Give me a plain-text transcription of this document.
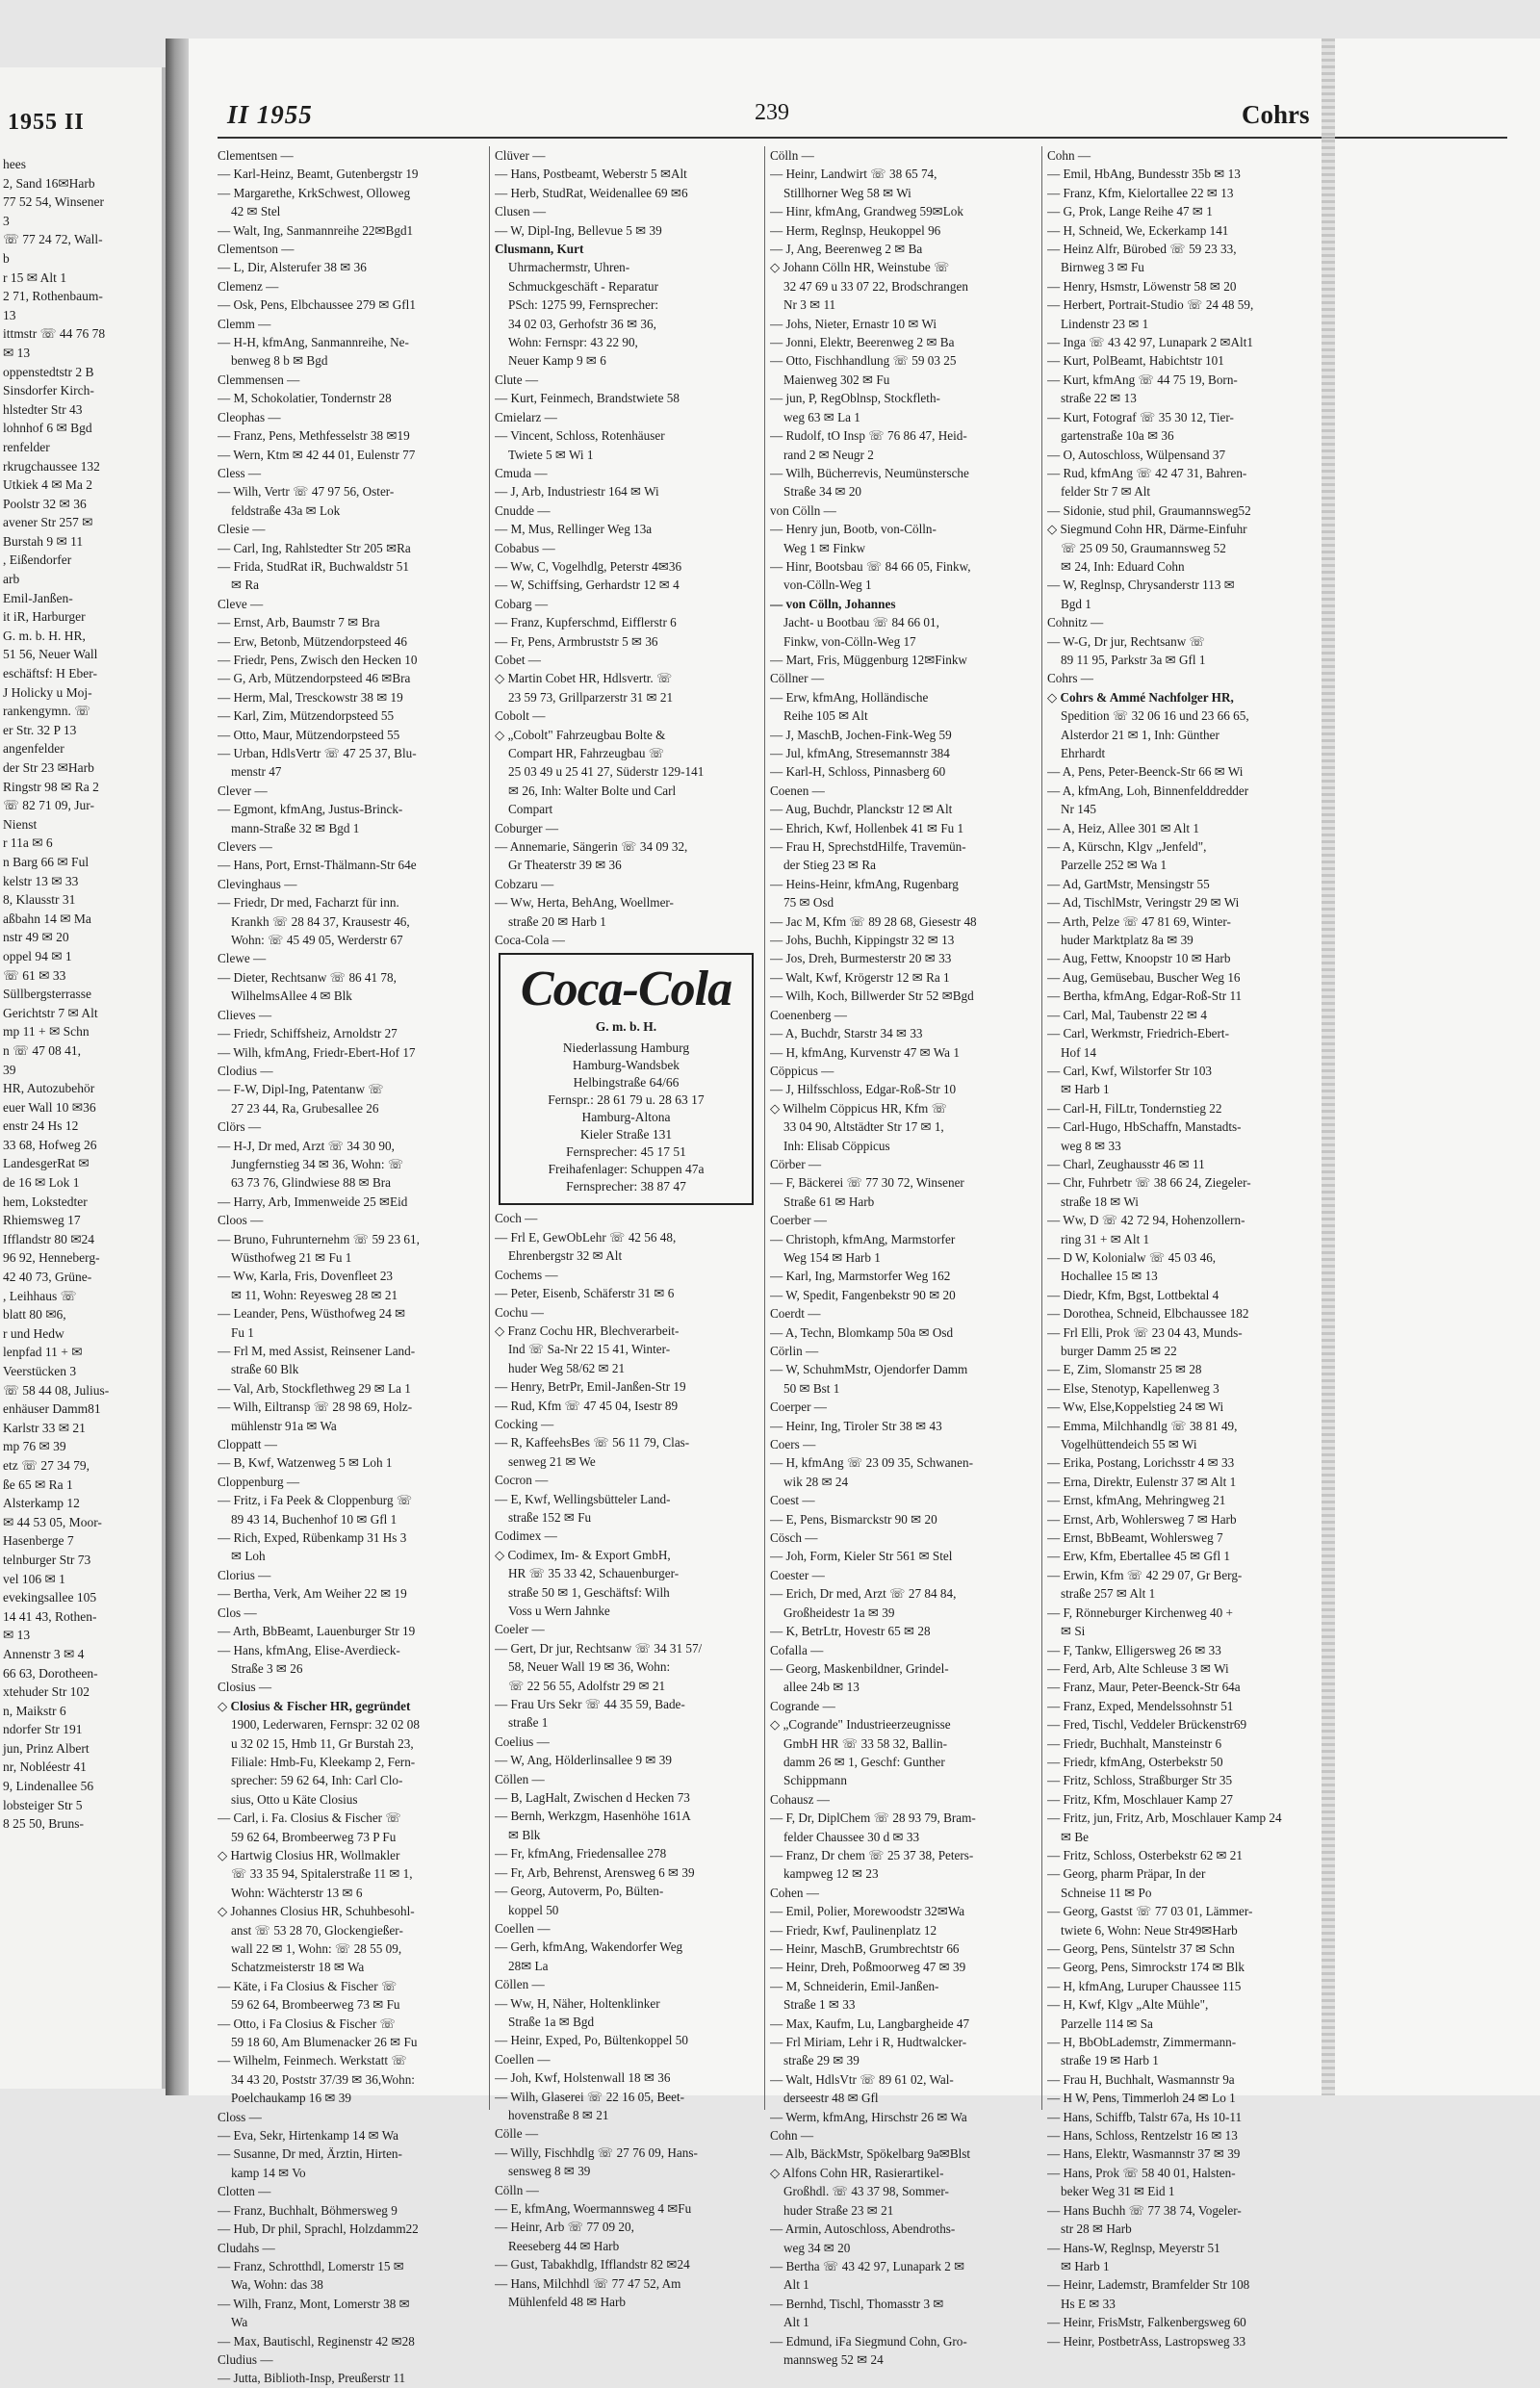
1955 II
hees
2, Sand 16✉Harb
77 52 54, Winsener
3
☏ 77 24 72, Wall-
b
r 15 ✉ Alt 1
2 71, Rothenbaum-
13
ittmstr ☏ 44 76 78
✉ 13
oppenstedtstr 2 B
Sinsdorfer Kirch-
hlstedter Str 43
lohnhof 6 ✉ Bgd
renfelder
rkrugchaussee 132
Utkiek 4 ✉ Ma 2
Poolstr 32 ✉ 36
avener Str 257 ✉
Burstah 9 ✉ 11
, Eißendorfer
arb
Emil-Janßen-
it iR, Harburger
G. m. b. H. HR,
51 56, Neuer Wall
eschäftsf: H Eber-
J Holicky u Moj-
rankengymn. ☏
er Str. 32 P 13
angenfelder
der Str 23 ✉Harb
Ringstr 98 ✉ Ra 2
☏ 82 71 09, Jur-
Nienst
r 11a ✉ 6
n Barg 66 ✉ Ful
kelstr 13 ✉ 33
8, Klausstr 31
aßbahn 14 ✉ Ma
nstr 49 ✉ 20
oppel 94 ✉ 1
☏ 61 ✉ 33
Süllbergsterrasse
Gerichtstr 7 ✉ Alt
mp 11 + ✉ Schn
n ☏ 47 08 41,
39
HR, Autozubehör
euer Wall 10 ✉36
enstr 24 Hs 12
33 68, Hofweg 26
LandesgerRat ✉
de 16 ✉ Lok 1
hem, Lokstedter
Rhiemsweg 17
Ifflandstr 80 ✉24
96 92, Henneberg-
42 40 73, Grüne-
, Leihhaus ☏
blatt 80 ✉6,
r und Hedw
lenpfad 11 + ✉
Veerstücken 3
☏ 58 44 08, Julius-
enhäuser Damm81
Karlstr 33 ✉ 21
mp 76 ✉ 39
etz ☏ 27 34 79,
ße 65 ✉ Ra 1
Alsterkamp 12
✉ 44 53 05, Moor-
Hasenberge 7
telnburger Str 73
vel 106 ✉ 1
evekingsallee 105
14 41 43, Rothen-
✉ 13
Annenstr 3 ✉ 4
66 63, Dorotheen-
xtehuder Str 102
n, Maikstr 6
ndorfer Str 191
jun, Prinz Albert
nr, Nobléestr 41
9, Lindenallee 56
lobsteiger Str 5
8 25 50, Bruns-
II 1955	239	Cohrs
Clementsen —
— Karl-Heinz, Beamt, Gutenbergstr 19
— Margarethe, KrkSchwest, Olloweg
42 ✉ Stel
— Walt, Ing, Sanmannreihe 22✉Bgd1
Clementson —
— L, Dir, Alsterufer 38 ✉ 36
Clemenz —
— Osk, Pens, Elbchaussee 279 ✉ Gfl1
Clemm —
— H-H, kfmAng, Sanmannreihe, Ne-
benweg 8 b ✉ Bgd
Clemmensen —
— M, Schokolatier, Tondernstr 28
Cleophas —
— Franz, Pens, Methfesselstr 38 ✉19
— Wern, Ktm ✉ 42 44 01, Eulenstr 77
Cless —
— Wilh, Vertr ☏ 47 97 56, Oster-
feldstraße 43a ✉ Lok
Clesie —
— Carl, Ing, Rahlstedter Str 205 ✉Ra
— Frida, StudRat iR, Buchwaldstr 51
✉ Ra
Cleve —
— Ernst, Arb, Baumstr 7 ✉ Bra
— Erw, Betonb, Mützendorpsteed 46
— Friedr, Pens, Zwisch den Hecken 10
— G, Arb, Mützendorpsteed 46 ✉Bra
— Herm, Mal, Tresckowstr 38 ✉ 19
— Karl, Zim, Mützendorpsteed 55
— Otto, Maur, Mützendorpsteed 55
— Urban, HdlsVertr ☏ 47 25 37, Blu-
menstr 47
Clever —
— Egmont, kfmAng, Justus-Brinck-
mann-Straße 32 ✉ Bgd 1
Clevers —
— Hans, Port, Ernst-Thälmann-Str 64e
Clevinghaus —
— Friedr, Dr med, Facharzt für inn.
Krankh ☏ 28 84 37, Krausestr 46,
Wohn: ☏ 45 49 05, Werderstr 67
Clewe —
— Dieter, Rechtsanw ☏ 86 41 78,
WilhelmsAllee 4 ✉ Blk
Clieves —
— Friedr, Schiffsheiz, Arnoldstr 27
— Wilh, kfmAng, Friedr-Ebert-Hof 17
Clodius —
— F-W, Dipl-Ing, Patentanw ☏
27 23 44, Ra, Grubesallee 26
Clörs —
— H-J, Dr med, Arzt ☏ 34 30 90,
Jungfernstieg 34 ✉ 36, Wohn: ☏
63 73 76, Glindwiese 88 ✉ Bra
— Harry, Arb, Immenweide 25 ✉Eid
Cloos —
— Bruno, Fuhrunternehm ☏ 59 23 61,
Wüsthofweg 21 ✉ Fu 1
— Ww, Karla, Fris, Dovenfleet 23
✉ 11, Wohn: Reyesweg 28 ✉ 21
— Leander, Pens, Wüsthofweg 24 ✉
Fu 1
— Frl M, med Assist, Reinsener Land-
straße 60 Blk
— Val, Arb, Stockflethweg 29 ✉ La 1
— Wilh, Eiltransp ☏ 28 98 69, Holz-
mühlenstr 91a ✉ Wa
Cloppatt —
— B, Kwf, Watzenweg 5 ✉ Loh 1
Cloppenburg —
— Fritz, i Fa Peek & Cloppenburg ☏
89 43 14, Buchenhof 10 ✉ Gfl 1
— Rich, Exped, Rübenkamp 31 Hs 3
✉ Loh
Clorius —
— Bertha, Verk, Am Weiher 22 ✉ 19
Clos —
— Arth, BbBeamt, Lauenburger Str 19
— Hans, kfmAng, Elise-Averdieck-
Straße 3 ✉ 26
Closius —
◇ Closius & Fischer HR, gegründet
1900, Lederwaren, Fernspr: 32 02 08
u 32 02 15, Hmb 11, Gr Burstah 23,
Filiale: Hmb-Fu, Kleekamp 2, Fern-
sprecher: 59 62 64, Inh: Carl Clo-
sius, Otto u Käte Closius
— Carl, i. Fa. Closius & Fischer ☏
59 62 64, Brombeerweg 73 P Fu
◇ Hartwig Closius HR, Wollmakler
☏ 33 35 94, Spitalerstraße 11 ✉ 1,
Wohn: Wächterstr 13 ✉ 6
◇ Johannes Closius HR, Schuhbesohl-
anst ☏ 53 28 70, Glockengießer-
wall 22 ✉ 1, Wohn: ☏ 28 55 09,
Schatzmeisterstr 18 ✉ Wa
— Käte, i Fa Closius & Fischer ☏
59 62 64, Brombeerweg 73 ✉ Fu
— Otto, i Fa Closius & Fischer ☏
59 18 60, Am Blumenacker 26 ✉ Fu
— Wilhelm, Feinmech. Werkstatt ☏
34 43 20, Poststr 37/39 ✉ 36,Wohn:
Poelchaukamp 16 ✉ 39
Closs —
— Eva, Sekr, Hirtenkamp 14 ✉ Wa
— Susanne, Dr med, Ärztin, Hirten-
kamp 14 ✉ Vo
Clotten —
— Franz, Buchhalt, Böhmersweg 9
— Hub, Dr phil, Sprachl, Holzdamm22
Cludahs —
— Franz, Schrotthdl, Lomerstr 15 ✉
Wa, Wohn: das 38
— Wilh, Franz, Mont, Lomerstr 38 ✉
Wa
— Max, Bautischl, Reginenstr 42 ✉28
Cludius —
— Jutta, Biblioth-Insp, Preußerstr 11
Clüver —
— Hans, Postbeamt, Weberstr 5 ✉Alt
— Herb, StudRat, Weidenallee 69 ✉6
Clusen —
— W, Dipl-Ing, Bellevue 5 ✉ 39
Clusmann, Kurt
Uhrmachermstr, Uhren-
Schmuckgeschäft - Reparatur
PSch: 1275 99, Fernsprecher:
34 02 03, Gerhofstr 36 ✉ 36,
Wohn: Fernspr: 43 22 90,
Neuer Kamp 9 ✉ 6
Clute —
— Kurt, Feinmech, Brandstwiete 58
Cmielarz —
— Vincent, Schloss, Rotenhäuser
Twiete 5 ✉ Wi 1
Cmuda —
— J, Arb, Industriestr 164 ✉ Wi
Cnudde —
— M, Mus, Rellinger Weg 13a
Cobabus —
— Ww, C, Vogelhdlg, Peterstr 4✉36
— W, Schiffsing, Gerhardstr 12 ✉ 4
Cobarg —
— Franz, Kupferschmd, Eifflerstr 6
— Fr, Pens, Armbruststr 5 ✉ 36
Cobet —
◇ Martin Cobet HR, Hdlsvertr. ☏
23 59 73, Grillparzerstr 31 ✉ 21
Cobolt —
◇ „Cobolt" Fahrzeugbau Bolte &
Compart HR, Fahrzeugbau ☏
25 03 49 u 25 41 27, Süderstr 129-141
✉ 26, Inh: Walter Bolte und Carl
Compart
Coburger —
— Annemarie, Sängerin ☏ 34 09 32,
Gr Theaterstr 39 ✉ 36
Cobzaru —
— Ww, Herta, BehAng, Woellmer-
straße 20 ✉ Harb 1
Coca-Cola —
Coca-Cola
G. m. b. H.
Niederlassung Hamburg
Hamburg-Wandsbek
Helbingstraße 64/66
Fernspr.: 28 61 79 u. 28 63 17
Hamburg-Altona
Kieler Straße 131
Fernsprecher: 45 17 51
Freihafenlager: Schuppen 47a
Fernsprecher: 38 87 47
Coch —
— Frl E, GewObLehr ☏ 42 56 48,
Ehrenbergstr 32 ✉ Alt
Cochems —
— Peter, Eisenb, Schäferstr 31 ✉ 6
Cochu —
◇ Franz Cochu HR, Blechverarbeit-
Ind ☏ Sa-Nr 22 15 41, Winter-
huder Weg 58/62 ✉ 21
— Henry, BetrPr, Emil-Janßen-Str 19
— Rud, Kfm ☏ 47 45 04, Isestr 89
Cocking —
— R, KaffeehsBes ☏ 56 11 79, Clas-
senweg 21 ✉ We
Cocron —
— E, Kwf, Wellingsbütteler Land-
straße 152 ✉ Fu
Codimex —
◇ Codimex, Im- & Export GmbH,
HR ☏ 35 33 42, Schauenburger-
straße 50 ✉ 1, Geschäftsf: Wilh
Voss u Wern Jahnke
Coeler —
— Gert, Dr jur, Rechtsanw ☏ 34 31 57/
58, Neuer Wall 19 ✉ 36, Wohn:
☏ 22 56 55, Adolfstr 29 ✉ 21
— Frau Urs Sekr ☏ 44 35 59, Bade-
straße 1
Coelius —
— W, Ang, Hölderlinsallee 9 ✉ 39
Cöllen —
— B, LagHalt, Zwischen d Hecken 73
— Bernh, Werkzgm, Hasenhöhe 161A
✉ Blk
— Fr, kfmAng, Friedensallee 278
— Fr, Arb, Behrenst, Arensweg 6 ✉ 39
— Georg, Autoverm, Po, Bülten-
koppel 50
Coellen —
— Gerh, kfmAng, Wakendorfer Weg
28✉ La
Cöllen —
— Ww, H, Näher, Holtenklinker
Straße 1a ✉ Bgd
— Heinr, Exped, Po, Bültenkoppel 50
Coellen —
— Joh, Kwf, Holstenwall 18 ✉ 36
— Wilh, Glaserei ☏ 22 16 05, Beet-
hovenstraße 8 ✉ 21
Cölle —
— Willy, Fischhdlg ☏ 27 76 09, Hans-
sensweg 8 ✉ 39
Cölln —
— E, kfmAng, Woermannsweg 4 ✉Fu
— Heinr, Arb ☏ 77 09 20,
Reeseberg 44 ✉ Harb
— Gust, Tabakhdlg, Ifflandstr 82 ✉24
— Hans, Milchhdl ☏ 77 47 52, Am
Mühlenfeld 48 ✉ Harb
Cölln —
— Heinr, Landwirt ☏ 38 65 74,
Stillhorner Weg 58 ✉ Wi
— Hinr, kfmAng, Grandweg 59✉Lok
— Herm, Reglnsp, Heukoppel 96
— J, Ang, Beerenweg 2 ✉ Ba
◇ Johann Cölln HR, Weinstube ☏
32 47 69 u 33 07 22, Brodschrangen
Nr 3 ✉ 11
— Johs, Nieter, Ernastr 10 ✉ Wi
— Jonni, Elektr, Beerenweg 2 ✉ Ba
— Otto, Fischhandlung ☏ 59 03 25
Maienweg 302 ✉ Fu
— jun, P, RegOblnsp, Stockfleth-
weg 63 ✉ La 1
— Rudolf, tO Insp ☏ 76 86 47, Heid-
rand 2 ✉ Neugr 2
— Wilh, Bücherrevis, Neumünstersche
Straße 34 ✉ 20
von Cölln —
— Henry jun, Bootb, von-Cölln-
Weg 1 ✉ Finkw
— Hinr, Bootsbau ☏ 84 66 05, Finkw,
von-Cölln-Weg 1
— von Cölln, Johannes
Jacht- u Bootbau ☏ 84 66 01,
Finkw, von-Cölln-Weg 17
— Mart, Fris, Müggenburg 12✉Finkw
Cöllner —
— Erw, kfmAng, Holländische
Reihe 105 ✉ Alt
— J, MaschB, Jochen-Fink-Weg 59
— Jul, kfmAng, Stresemannstr 384
— Karl-H, Schloss, Pinnasberg 60
Coenen —
— Aug, Buchdr, Planckstr 12 ✉ Alt
— Ehrich, Kwf, Hollenbek 41 ✉ Fu 1
— Frau H, SprechstdHilfe, Travemün-
der Stieg 23 ✉ Ra
— Heins-Heinr, kfmAng, Rugenbarg
75 ✉ Osd
— Jac M, Kfm ☏ 89 28 68, Giesestr 48
— Johs, Buchh, Kippingstr 32 ✉ 13
— Jos, Dreh, Burmesterstr 20 ✉ 33
— Walt, Kwf, Krögerstr 12 ✉ Ra 1
— Wilh, Koch, Billwerder Str 52 ✉Bgd
Coenenberg —
— A, Buchdr, Starstr 34 ✉ 33
— H, kfmAng, Kurvenstr 47 ✉ Wa 1
Cöppicus —
— J, Hilfsschloss, Edgar-Roß-Str 10
◇ Wilhelm Cöppicus HR, Kfm ☏
33 04 90, Altstädter Str 17 ✉ 1,
Inh: Elisab Cöppicus
Cörber —
— F, Bäckerei ☏ 77 30 72, Winsener
Straße 61 ✉ Harb
Coerber —
— Christoph, kfmAng, Marmstorfer
Weg 154 ✉ Harb 1
— Karl, Ing, Marmstorfer Weg 162
— W, Spedit, Fangenbekstr 90 ✉ 20
Coerdt —
— A, Techn, Blomkamp 50a ✉ Osd
Cörlin —
— W, SchuhmMstr, Ojendorfer Damm
50 ✉ Bst 1
Coerper —
— Heinr, Ing, Tiroler Str 38 ✉ 43
Coers —
— H, kfmAng ☏ 23 09 35, Schwanen-
wik 28 ✉ 24
Coest —
— E, Pens, Bismarckstr 90 ✉ 20
Cösch —
— Joh, Form, Kieler Str 561 ✉ Stel
Coester —
— Erich, Dr med, Arzt ☏ 27 84 84,
Großheidestr 1a ✉ 39
— K, BetrLtr, Hovestr 65 ✉ 28
Cofalla —
— Georg, Maskenbildner, Grindel-
allee 24b ✉ 13
Cogrande —
◇ „Cogrande" Industrieerzeugnisse
GmbH HR ☏ 33 58 32, Ballin-
damm 26 ✉ 1, Geschf: Gunther
Schippmann
Cohausz —
— F, Dr, DiplChem ☏ 28 93 79, Bram-
felder Chaussee 30 d ✉ 33
— Franz, Dr chem ☏ 25 37 38, Peters-
kampweg 12 ✉ 23
Cohen —
— Emil, Polier, Morewoodstr 32✉Wa
— Friedr, Kwf, Paulinenplatz 12
— Heinr, MaschB, Grumbrechtstr 66
— Heinr, Dreh, Poßmoorweg 47 ✉ 39
— M, Schneiderin, Emil-Janßen-
Straße 1 ✉ 33
— Max, Kaufm, Lu, Langbargheide 47
— Frl Miriam, Lehr i R, Hudtwalcker-
straße 29 ✉ 39
— Walt, HdlsVtr ☏ 89 61 02, Wal-
derseestr 48 ✉ Gfl
— Werm, kfmAng, Hirschstr 26 ✉ Wa
Cohn —
— Alb, BäckMstr, Spökelbarg 9a✉Blst
◇ Alfons Cohn HR, Rasierartikel-
Großhdl. ☏ 43 37 98, Sommer-
huder Straße 23 ✉ 21
— Armin, Autoschloss, Abendroths-
weg 34 ✉ 20
— Bertha ☏ 43 42 97, Lunapark 2 ✉
Alt 1
— Bernhd, Tischl, Thomasstr 3 ✉
Alt 1
— Edmund, iFa Siegmund Cohn, Gro-
mannsweg 52 ✉ 24
Cohn —
— Emil, HbAng, Bundesstr 35b ✉ 13
— Franz, Kfm, Kielortallee 22 ✉ 13
— G, Prok, Lange Reihe 47 ✉ 1
— H, Schneid, We, Eckerkamp 141
— Heinz Alfr, Bürobed ☏ 59 23 33,
Birnweg 3 ✉ Fu
— Henry, Hsmstr, Löwenstr 58 ✉ 20
— Herbert, Portrait-Studio ☏ 24 48 59,
Lindenstr 23 ✉ 1
— Inga ☏ 43 42 97, Lunapark 2 ✉Alt1
— Kurt, PolBeamt, Habichtstr 101
— Kurt, kfmAng ☏ 44 75 19, Born-
straße 22 ✉ 13
— Kurt, Fotograf ☏ 35 30 12, Tier-
gartenstraße 10a ✉ 36
— O, Autoschloss, Wülpensand 37
— Rud, kfmAng ☏ 42 47 31, Bahren-
felder Str 7 ✉ Alt
— Sidonie, stud phil, Graumannsweg52
◇ Siegmund Cohn HR, Därme-Einfuhr
☏ 25 09 50, Graumannsweg 52
✉ 24, Inh: Eduard Cohn
— W, Reglnsp, Chrysanderstr 113 ✉
Bgd 1
Cohnitz —
— W-G, Dr jur, Rechtsanw ☏
89 11 95, Parkstr 3a ✉ Gfl 1
Cohrs —
◇ Cohrs & Ammé Nachfolger HR,
Spedition ☏ 32 06 16 und 23 66 65,
Alsterdor 21 ✉ 1, Inh: Günther
Ehrhardt
— A, Pens, Peter-Beenck-Str 66 ✉ Wi
— A, kfmAng, Loh, Binnenfelddredder
Nr 145
— A, Heiz, Allee 301 ✉ Alt 1
— A, Kürschn, Klgv „Jenfeld",
Parzelle 252 ✉ Wa 1
— Ad, GartMstr, Mensingstr 55
— Ad, TischlMstr, Veringstr 29 ✉ Wi
— Arth, Pelze ☏ 47 81 69, Winter-
huder Marktplatz 8a ✉ 39
— Aug, Fettw, Knoopstr 10 ✉ Harb
— Aug, Gemüsebau, Buscher Weg 16
— Bertha, kfmAng, Edgar-Roß-Str 11
— Carl, Mal, Taubenstr 22 ✉ 4
— Carl, Werkmstr, Friedrich-Ebert-
Hof 14
— Carl, Kwf, Wilstorfer Str 103
✉ Harb 1
— Carl-H, FilLtr, Tondernstieg 22
— Carl-Hugo, HbSchaffn, Manstadts-
weg 8 ✉ 33
— Charl, Zeughausstr 46 ✉ 11
— Chr, Fuhrbetr ☏ 38 66 24, Ziegeler-
straße 18 ✉ Wi
— Ww, D ☏ 42 72 94, Hohenzollern-
ring 31 + ✉ Alt 1
— D W, Kolonialw ☏ 45 03 46,
Hochallee 15 ✉ 13
— Diedr, Kfm, Bgst, Lottbektal 4
— Dorothea, Schneid, Elbchaussee 182
— Frl Elli, Prok ☏ 23 04 43, Munds-
burger Damm 25 ✉ 22
— E, Zim, Slomanstr 25 ✉ 28
— Else, Stenotyp, Kapellenweg 3
— Ww, Else,Koppelstieg 24 ✉ Wi
— Emma, Milchhandlg ☏ 38 81 49,
Vogelhüttendeich 55 ✉ Wi
— Erika, Postang, Lorichsstr 4 ✉ 33
— Erna, Direktr, Eulenstr 37 ✉ Alt 1
— Ernst, kfmAng, Mehringweg 21
— Ernst, Arb, Wohlersweg 7 ✉ Harb
— Ernst, BbBeamt, Wohlersweg 7
— Erw, Kfm, Ebertallee 45 ✉ Gfl 1
— Erwin, Kfm ☏ 42 29 07, Gr Berg-
straße 257 ✉ Alt 1
— F, Rönneburger Kirchenweg 40 +
✉ Si
— F, Tankw, Elligersweg 26 ✉ 33
— Ferd, Arb, Alte Schleuse 3 ✉ Wi
— Franz, Maur, Peter-Beenck-Str 64a
— Franz, Exped, Mendelssohnstr 51
— Fred, Tischl, Veddeler Brückenstr69
— Friedr, Buchhalt, Mansteinstr 6
— Friedr, kfmAng, Osterbekstr 50
— Fritz, Schloss, Straßburger Str 35
— Fritz, Kfm, Moschlauer Kamp 27
— Fritz, jun, Fritz, Arb, Moschlauer Kamp 24
✉ Be
— Fritz, Schloss, Osterbekstr 62 ✉ 21
— Georg, pharm Präpar, In der
Schneise 11 ✉ Po
— Georg, Gastst ☏ 77 03 01, Lämmer-
twiete 6, Wohn: Neue Str49✉Harb
— Georg, Pens, Süntelstr 37 ✉ Schn
— Georg, Pens, Simrockstr 174 ✉ Blk
— H, kfmAng, Luruper Chaussee 115
— H, Kwf, Klgv „Alte Mühle",
Parzelle 114 ✉ Sa
— H, BbObLademstr, Zimmermann-
straße 19 ✉ Harb 1
— Frau H, Buchhalt, Wasmannstr 9a
— H W, Pens, Timmerloh 24 ✉ Lo 1
— Hans, Schiffb, Talstr 67a, Hs 10-11
— Hans, Schloss, Rentzelstr 16 ✉ 13
— Hans, Elektr, Wasmannstr 37 ✉ 39
— Hans, Prok ☏ 58 40 01, Halsten-
beker Weg 31 ✉ Eid 1
— Hans Buchh ☏ 77 38 74, Vogeler-
str 28 ✉ Harb
— Hans-W, Reglnsp, Meyerstr 51
✉ Harb 1
— Heinr, Lademstr, Bramfelder Str 108
Hs E ✉ 33
— Heinr, FrisMstr, Falkenbergsweg 60
— Heinr, PostbetrAss, Lastropsweg 33
